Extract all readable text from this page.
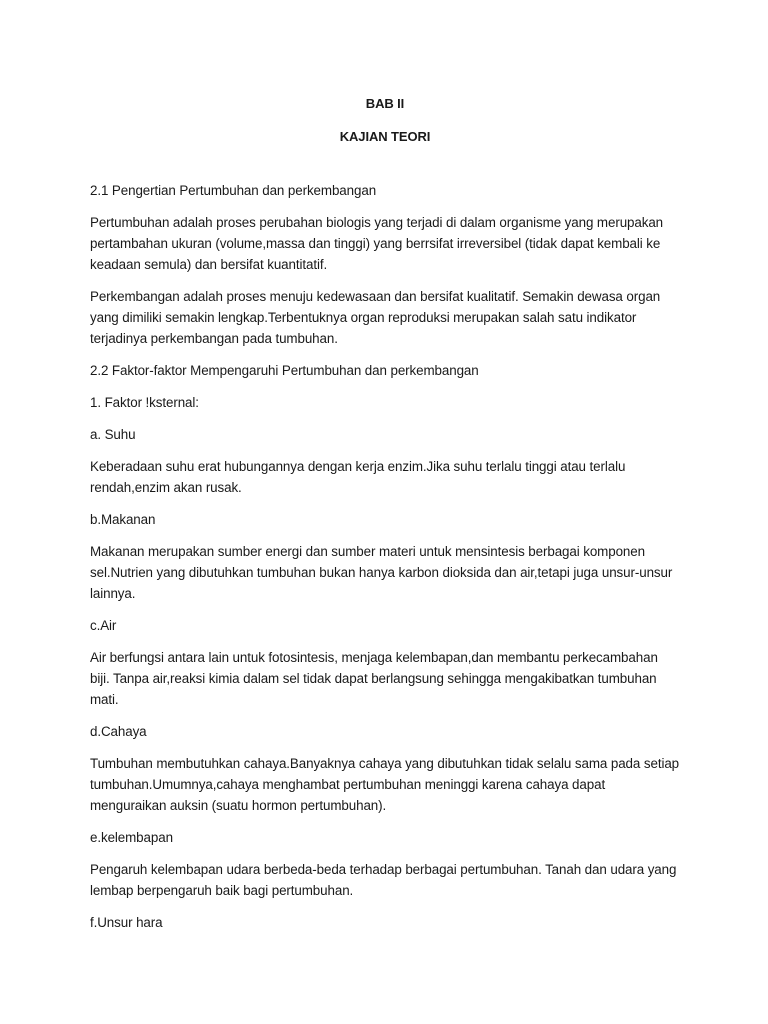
BAB II
KAJIAN TEORI

2.1 Pengertian Pertumbuhan dan perkembangan

Pertumbuhan adalah proses perubahan biologis yang terjadi di dalam organisme yang merupakan pertambahan ukuran (volume,massa dan tinggi) yang berrsifat irreversibel (tidak dapat kembali ke keadaan semula) dan bersifat kuantitatif.

Perkembangan adalah proses menuju kedewasaan dan bersifat kualitatif. Semakin dewasa organ yang dimiliki semakin lengkap.Terbentuknya organ reproduksi merupakan salah satu indikator terjadinya perkembangan pada tumbuhan.

2.2 Faktor-faktor Mempengaruhi Pertumbuhan dan perkembangan

1. Faktor !ksternal:

a. Suhu

Keberadaan suhu erat hubungannya dengan kerja enzim.Jika suhu terlalu tinggi atau terlalu rendah,enzim akan rusak.

b.Makanan

Makanan merupakan sumber energi dan sumber materi untuk mensintesis berbagai komponen sel.Nutrien yang dibutuhkan tumbuhan bukan hanya karbon dioksida dan air,tetapi juga unsur-unsur lainnya.

c.Air

Air berfungsi antara lain untuk fotosintesis, menjaga kelembapan,dan membantu perkecambahan biji. Tanpa air,reaksi kimia dalam sel tidak dapat berlangsung sehingga mengakibatkan tumbuhan mati.

d.Cahaya

Tumbuhan membutuhkan cahaya.Banyaknya cahaya yang dibutuhkan tidak selalu sama pada setiap tumbuhan.Umumnya,cahaya menghambat pertumbuhan meninggi karena cahaya dapat menguraikan auksin (suatu hormon pertumbuhan).

e.kelembapan

Pengaruh kelembapan udara berbeda-beda terhadap berbagai pertumbuhan. Tanah dan udara yang lembap berpengaruh baik bagi pertumbuhan.

f.Unsur hara
